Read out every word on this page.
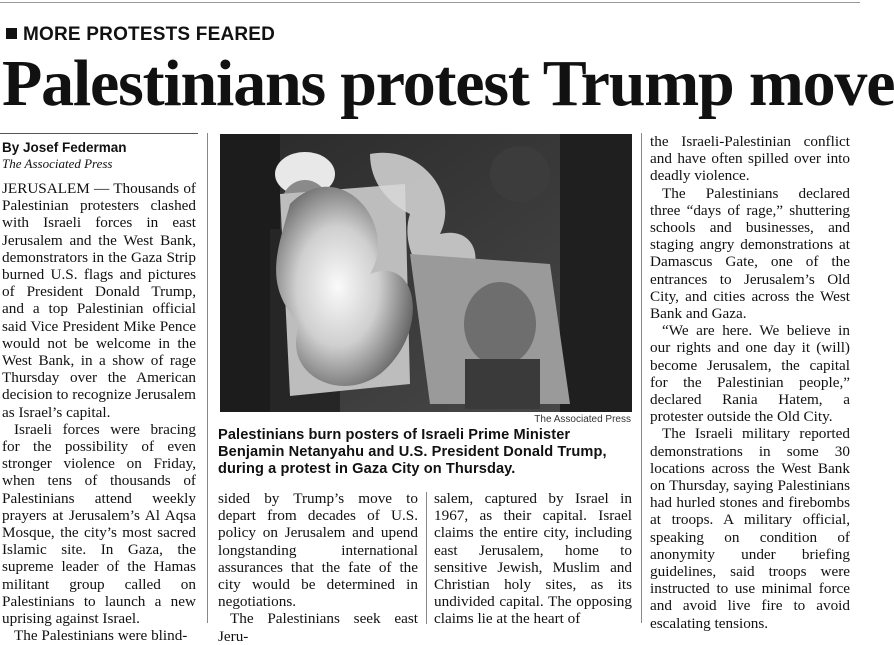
MORE PROTESTS FEARED
Palestinians protest Trump move
By Josef Federman
The Associated Press

JERUSALEM — Thousands of Palestinian protesters clashed with Israeli forces in east Jerusalem and the West Bank, demonstrators in the Gaza Strip burned U.S. flags and pictures of President Donald Trump, and a top Palestinian official said Vice President Mike Pence would not be welcome in the West Bank, in a show of rage Thursday over the American decision to recognize Jerusalem as Israel’s capital.

Israeli forces were bracing for the possibility of even stronger violence on Friday, when tens of thousands of Palestinians attend weekly prayers at Jerusalem’s Al Aqsa Mosque, the city’s most sacred Islamic site. In Gaza, the supreme leader of the Hamas militant group called on Palestinians to launch a new uprising against Israel.

The Palestinians were blind-

The Associated Press
Palestinians burn posters of Israeli Prime Minister Benjamin Netanyahu and U.S. President Donald Trump, during a protest in Gaza City on Thursday.

sided by Trump’s move to depart from decades of U.S. policy on Jerusalem and upend longstanding international assurances that the fate of the city would be determined in negotiations.

The Palestinians seek east Jeru-

salem, captured by Israel in 1967, as their capital. Israel claims the entire city, including east Jerusalem, home to sensitive Jewish, Muslim and Christian holy sites, as its undivided capital. The opposing claims lie at the heart of

the Israeli-Palestinian conflict and have often spilled over into deadly violence.

The Palestinians declared three “days of rage,” shuttering schools and businesses, and staging angry demonstrations at Damascus Gate, one of the entrances to Jerusalem’s Old City, and cities across the West Bank and Gaza.

“We are here. We believe in our rights and one day it (will) become Jerusalem, the capital for the Palestinian people,” declared Rania Hatem, a protester outside the Old City.

The Israeli military reported demonstrations in some 30 locations across the West Bank on Thursday, saying Palestinians had hurled stones and firebombs at troops. A military official, speaking on condition of anonymity under briefing guidelines, said troops were instructed to use minimal force and avoid live fire to avoid escalating tensions.
